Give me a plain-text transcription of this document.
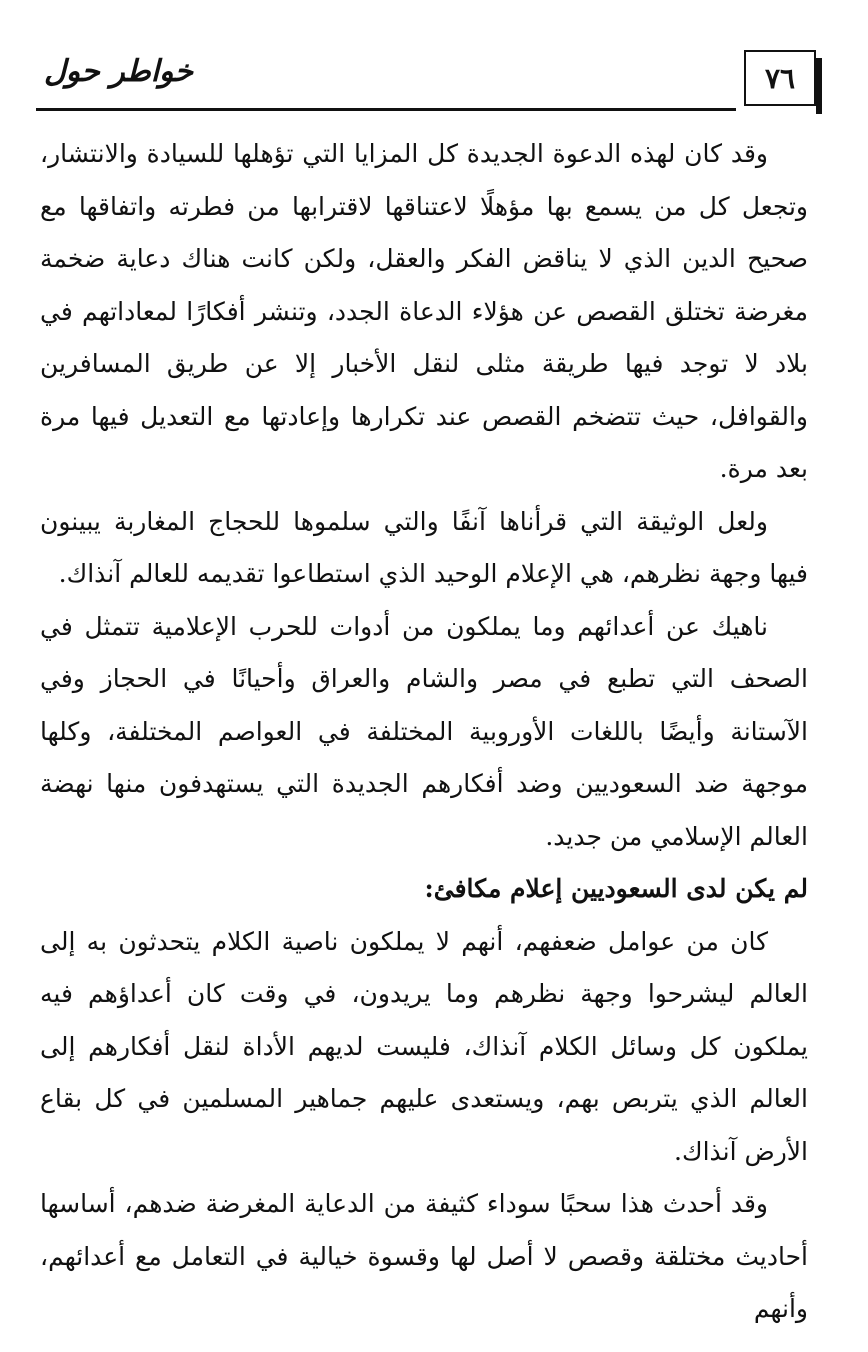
٧٦
خواطر حول

وقد كان لهذه الدعوة الجديدة كل المزايا التي تؤهلها للسيادة والانتشار، وتجعل كل من يسمع بها مؤهلًا لاعتناقها لاقترابها من فطرته واتفاقها مع صحيح الدين الذي لا يناقض الفكر والعقل، ولكن كانت هناك دعاية ضخمة مغرضة تختلق القصص عن هؤلاء الدعاة الجدد، وتنشر أفكارًا لمعاداتهم في بلاد لا توجد فيها طريقة مثلى لنقل الأخبار إلا عن طريق المسافرين والقوافل، حيث تتضخم القصص عند تكرارها وإعادتها مع التعديل فيها مرة بعد مرة.

ولعل الوثيقة التي قرأناها آنفًا والتي سلموها للحجاج المغاربة يبينون فيها وجهة نظرهم، هي الإعلام الوحيد الذي استطاعوا تقديمه للعالم آنذاك.

ناهيك عن أعدائهم وما يملكون من أدوات للحرب الإعلامية تتمثل في الصحف التي تطبع في مصر والشام والعراق وأحيانًا في الحجاز وفي الآستانة وأيضًا باللغات الأوروبية المختلفة في العواصم المختلفة، وكلها موجهة ضد السعوديين وضد أفكارهم الجديدة التي يستهدفون منها نهضة العالم الإسلامي من جديد.

لم يكن لدى السعوديين إعلام مكافئ:

كان من عوامل ضعفهم، أنهم لا يملكون ناصية الكلام يتحدثون به إلى العالم ليشرحوا وجهة نظرهم وما يريدون، في وقت كان أعداؤهم فيه يملكون كل وسائل الكلام آنذاك، فليست لديهم الأداة لنقل أفكارهم إلى العالم الذي يتربص بهم، ويستعدى عليهم جماهير المسلمين في كل بقاع الأرض آنذاك.

وقد أحدث هذا سحبًا سوداء كثيفة من الدعاية المغرضة ضدهم، أساسها أحاديث مختلقة وقصص لا أصل لها وقسوة خيالية في التعامل مع أعدائهم، وأنهم
